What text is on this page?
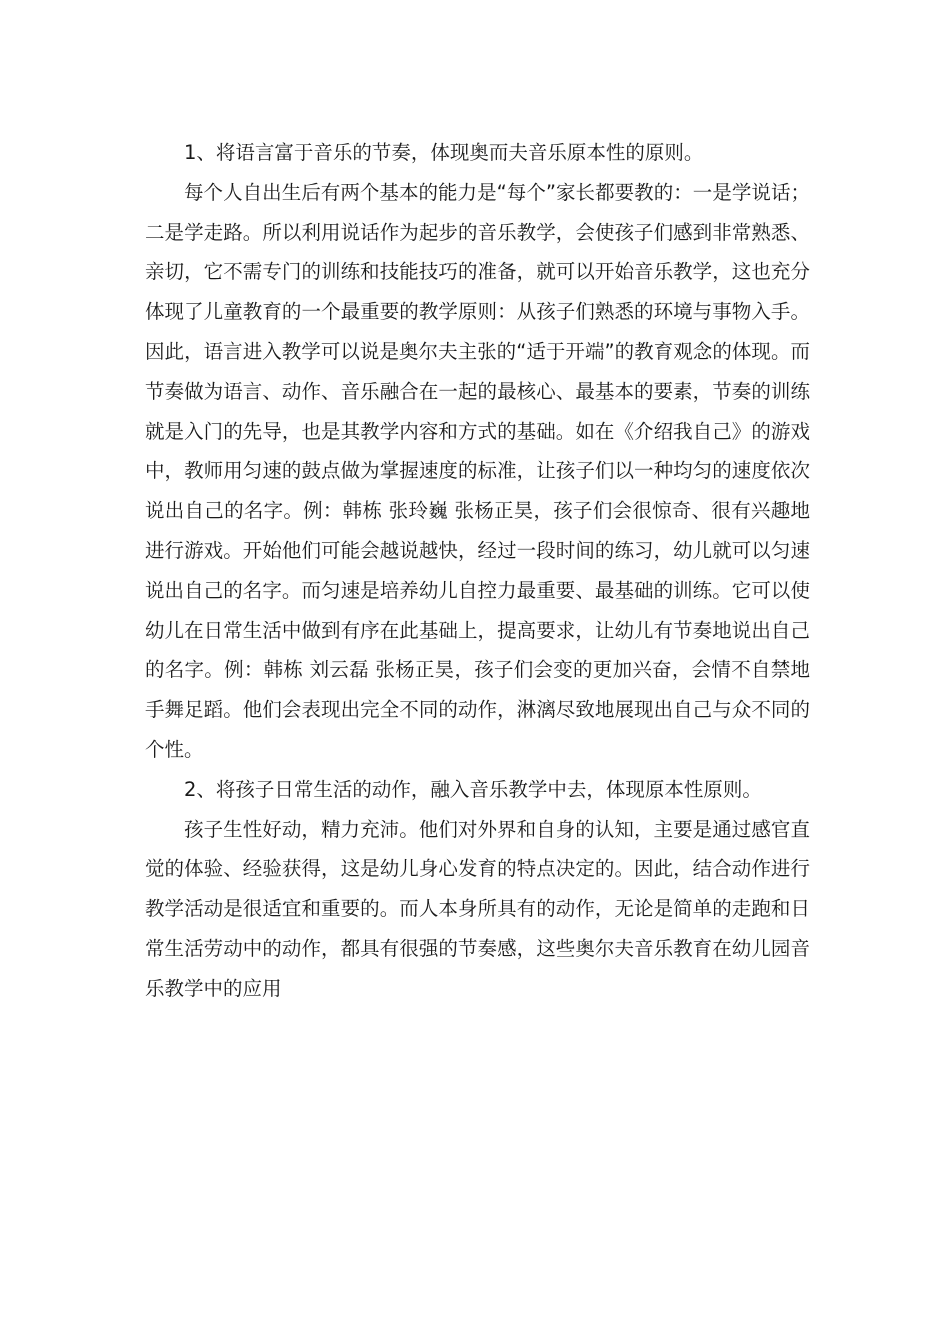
1、将语言富于音乐的节奏，体现奥而夫音乐原本性的原则。

每个人自出生后有两个基本的能力是“每个”家长都要教的：一是学说话；二是学走路。所以利用说话作为起步的音乐教学，会使孩子们感到非常熟悉、亲切，它不需专门的训练和技能技巧的准备，就可以开始音乐教学，这也充分体现了儿童教育的一个最重要的教学原则：从孩子们熟悉的环境与事物入手。因此，语言进入教学可以说是奥尔夫主张的“适于开端”的教育观念的体现。而节奏做为语言、动作、音乐融合在一起的最核心、最基本的要素，节奏的训练就是入门的先导，也是其教学内容和方式的基础。如在《介绍我自己》的游戏中，教师用匀速的鼓点做为掌握速度的标准，让孩子们以一种均匀的速度依次说出自己的名字。例：韩栋 张玲巍 张杨正昊，孩子们会很惊奇、很有兴趣地进行游戏。开始他们可能会越说越快，经过一段时间的练习，幼儿就可以匀速说出自己的名字。而匀速是培养幼儿自控力最重要、最基础的训练。它可以使幼儿在日常生活中做到有序在此基础上，提高要求，让幼儿有节奏地说出自己的名字。例：韩栋 刘云磊 张杨正昊，孩子们会变的更加兴奋，会情不自禁地手舞足蹈。他们会表现出完全不同的动作，淋漓尽致地展现出自己与众不同的个性。

2、将孩子日常生活的动作，融入音乐教学中去，体现原本性原则。

孩子生性好动，精力充沛。他们对外界和自身的认知，主要是通过感官直觉的体验、经验获得，这是幼儿身心发育的特点决定的。因此，结合动作进行教学活动是很适宜和重要的。而人本身所具有的动作，无论是简单的走跑和日常生活劳动中的动作，都具有很强的节奏感，这些奥尔夫音乐教育在幼儿园音乐教学中的应用
